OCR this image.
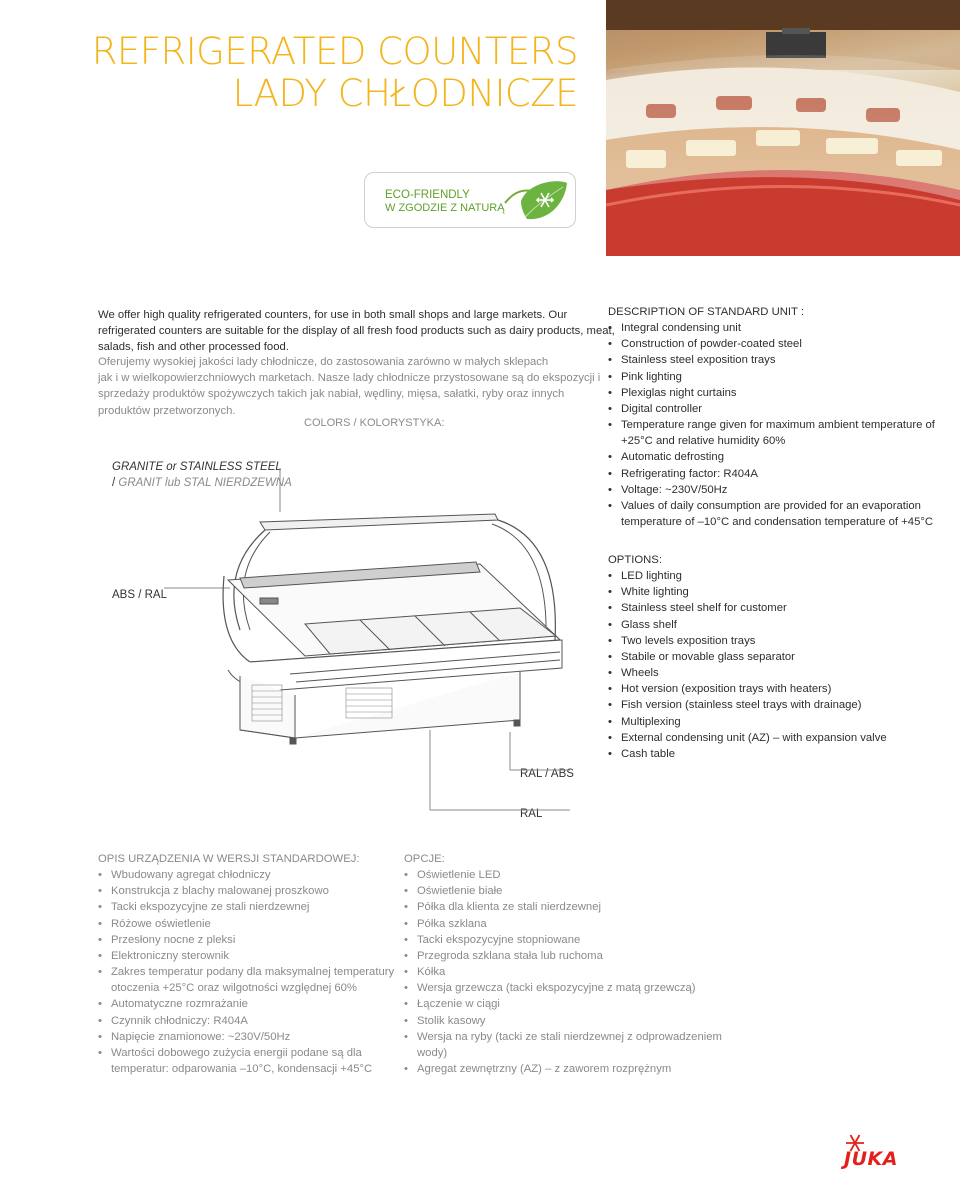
REFRIGERATED COUNTERS
LADY CHŁODNICZE
ECO-FRIENDLY
W ZGODZIE Z NATURĄ
We offer high quality refrigerated counters, for use in both small shops and large markets. Our refrigerated counters are suitable for the display of all fresh food products such as dairy products, meat, salads, fish and other processed food.
Oferujemy wysokiej jakości lady chłodnicze, do zastosowania zarówno w małych sklepach
jak i w wielkopowierzchniowych marketach. Nasze lady chłodnicze przystosowane są do ekspozycji i sprzedaży produktów spożywczych takich jak nabiał, wędliny, mięsa, sałatki, ryby oraz innych produktów przetworzonych.
COLORS / KOLORYSTYKA:
GRANITE or STAINLESS STEEL
/ GRANIT lub STAL NIERDZEWNA
ABS / RAL
RAL / ABS
RAL
DESCRIPTION OF STANDARD UNIT :
• Integral condensing unit
• Construction of powder-coated steel
• Stainless steel exposition trays
• Pink lighting
• Plexiglas night curtains
• Digital controller
• Temperature range given for maximum ambient temperature of +25°C and relative humidity 60%
• Automatic defrosting
• Refrigerating factor: R404A
• Voltage: ~230V/50Hz
• Values of daily consumption are provided for an evaporation temperature of –10°C and condensation temperature of +45°C
OPTIONS:
• LED lighting
• White lighting
• Stainless steel shelf for customer
• Glass shelf
• Two levels exposition trays
• Stabile or movable glass separator
• Wheels
• Hot version (exposition trays with heaters)
• Fish version (stainless steel trays with drainage)
• Multiplexing
• External condensing unit (AZ) – with expansion valve
• Cash table
OPIS URZĄDZENIA W WERSJI STANDARDOWEJ:
• Wbudowany agregat chłodniczy
• Konstrukcja z blachy malowanej proszkowo
• Tacki ekspozycyjne ze stali nierdzewnej
• Różowe oświetlenie
• Przesłony nocne z pleksi
• Elektroniczny sterownik
• Zakres temperatur podany dla maksymalnej temperatury otoczenia +25°C oraz wilgotności względnej 60%
• Automatyczne rozmrażanie
• Czynnik chłodniczy: R404A
• Napięcie znamionowe: ~230V/50Hz
• Wartości dobowego zużycia energii podane są dla temperatur: odparowania –10°C, kondensacji +45°C
OPCJE:
• Oświetlenie LED
• Oświetlenie białe
• Półka dla klienta ze stali nierdzewnej
• Półka szklana
• Tacki ekspozycyjne stopniowane
• Przegroda szklana stała lub ruchoma
• Kółka
• Wersja grzewcza (tacki ekspozycyjne z matą grzewczą)
• Łączenie w ciągi
• Stolik kasowy
• Wersja na ryby (tacki ze stali nierdzewnej z odprowadzeniem wody)
• Agregat zewnętrzny (AZ) – z zaworem rozprężnym
JUKA
